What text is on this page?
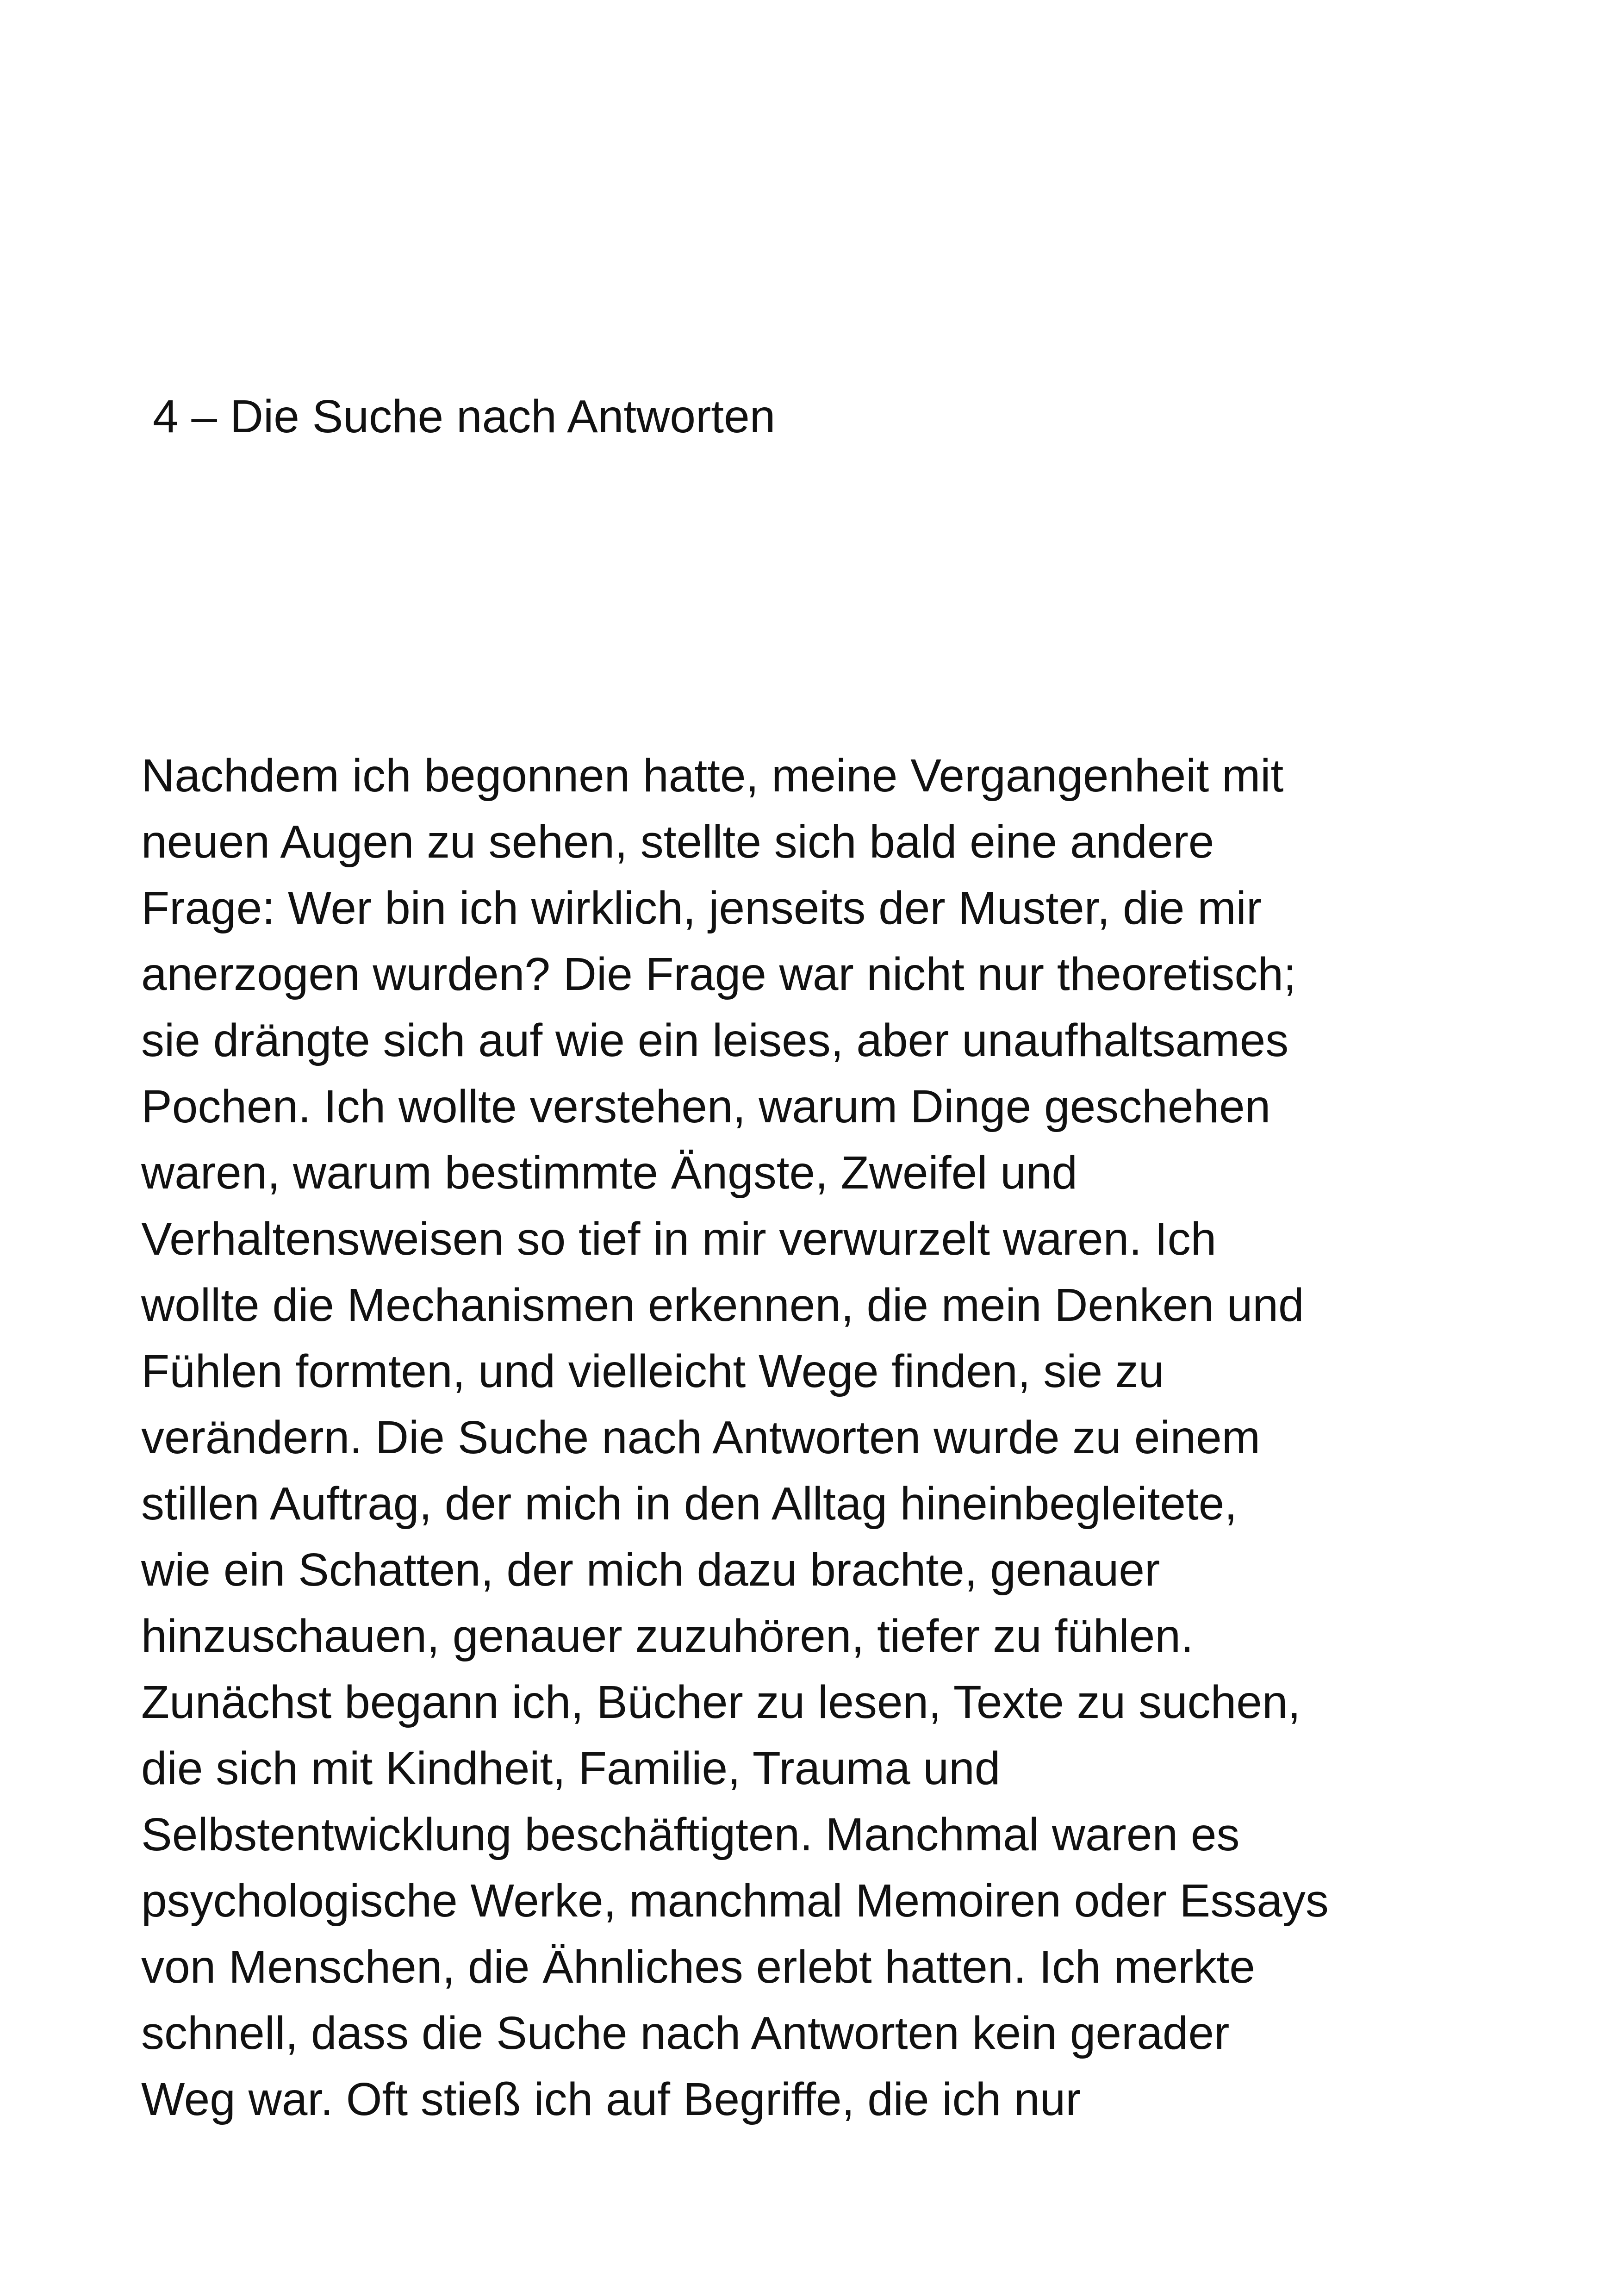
4 – Die Suche nach Antworten
Nachdem ich begonnen hatte, meine Vergangenheit mit
neuen Augen zu sehen, stellte sich bald eine andere
Frage: Wer bin ich wirklich, jenseits der Muster, die mir
anerzogen wurden? Die Frage war nicht nur theoretisch;
sie drängte sich auf wie ein leises, aber unaufhaltsames
Pochen. Ich wollte verstehen, warum Dinge geschehen
waren, warum bestimmte Ängste, Zweifel und
Verhaltensweisen so tief in mir verwurzelt waren. Ich
wollte die Mechanismen erkennen, die mein Denken und
Fühlen formten, und vielleicht Wege finden, sie zu
verändern. Die Suche nach Antworten wurde zu einem
stillen Auftrag, der mich in den Alltag hineinbegleitete,
wie ein Schatten, der mich dazu brachte, genauer
hinzuschauen, genauer zuzuhören, tiefer zu fühlen.
Zunächst begann ich, Bücher zu lesen, Texte zu suchen,
die sich mit Kindheit, Familie, Trauma und
Selbstentwicklung beschäftigten. Manchmal waren es
psychologische Werke, manchmal Memoiren oder Essays
von Menschen, die Ähnliches erlebt hatten. Ich merkte
schnell, dass die Suche nach Antworten kein gerader
Weg war. Oft stieß ich auf Begriffe, die ich nur
